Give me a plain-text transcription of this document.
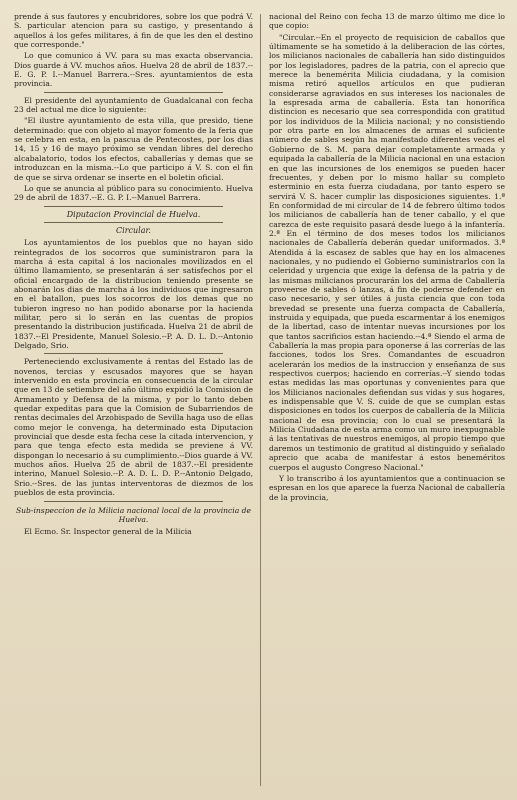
prende á sus fautores y encubridores, sobre los que podrá V. S. particular atencion para su castigo, y presentando á aquellos á los gefes militares, á fin de que les den el destino que corresponde."

Lo que comunico á VV. para su mas exacta observancia. Dios guarde á VV. muchos años. Huelva 28 de abril de 1837.--E. G. P. I.--Manuel Barrera.--Sres. ayuntamientos de esta provincia.

El presidente del ayuntamiento de Guadalcanal con fecha 23 del actual me dice lo siguiente:

"El ilustre ayuntamiento de esta villa, que presido, tiene determinado: que con objeto al mayor fomento de la feria que se celebra en esta, en la pascua de Pentecostes, por los dias 14, 15 y 16 de mayo próximo se vendan libres del derecho alcabalatorio, todos los efectos, caballerías y demas que se introduzcan en la misma.--Lo que participo á V. S. con el fin de que se sirva ordenar se inserte en el boletin oficial.

Lo que se anuncia al público para su conocimiento. Huelva 29 de abril de 1837.--E. G. P. I.--Manuel Barrera.

Diputacion Provincial de Huelva.

Circular.

Los ayuntamientos de los pueblos que no hayan sido reintegrados de los socorros que suministraron para la marcha á esta capital á los nacionales movilizados en el último llamamiento, se presentarán á ser satisfechos por el oficial encargado de la distribucion teniendo presente se abonarán los dias de marcha á los individuos que ingresaron en el batallon, pues los socorros de los demas que no tubieron ingreso no han podido abonarse por la hacienda militar, pero si lo serán en las cuentas de propios presentando la distribucion justificada. Huelva 21 de abril de 1837.--El Presidente, Manuel Solesio.--P. A. D. L. D.--Antonio Delgado, Srio.

Perteneciendo exclusivamente á rentas del Estado las de novenos, tercias y escusados mayores que se hayan intervenido en esta provincia en consecuencia de la circular que en 13 de setiembre del año último expidió la Comision de Armamento y Defensa de la misma, y por lo tanto deben quedar expeditas para que la Comision de Subarriendos de rentas decimales del Arzobispado de Sevilla haga uso de ellas como mejor le convenga, ha determinado esta Diputacion provincial que desde esta fecha cese la citada intervencion, y para que tenga efecto esta medida se previene á VV. dispongan lo necesario á su cumplimiento.--Dios guarde á VV. muchos años. Huelva 25 de abril de 1837.--El presidente interino, Manuel Solesio.--P. A. D. L. D. P.--Antonio Delgado, Srio.--Sres. de las juntas interventoras de diezmos de los pueblos de esta provincia.

Sub-inspeccion de la Milicia nacional local de la provincia de Huelva.

El Ecmo. Sr. Inspector general de la Milicia

nacional del Reino con fecha 13 de marzo último me dice lo que copio:

"Circular.--En el proyecto de requisicion de caballos que últimamente se ha sometido á la deliberacion de las córtes, los milicianos nacionales de caballería han sido distinguidos por los legisladores, padres de la patria, con el aprecio que merece la benemérita Milicia ciudadana, y la comision misma retiró aquellos artículos en que pudieran considerarse agraviados en sus intereses los nacionales de la espresada arma de caballería. Esta tan honorífica distincion es necesario que sea correspondida con gratitud por los individuos de la Milicia nacional; y no consistiendo por otra parte en los almacenes de armas el suficiente número de sables según ha manifestado diferentes veces el Gobierno de S. M. para dejar completamente armada y equipada la caballería de la Milicia nacional en una estacion en que las incursiones de los enemigos se pueden hacer frecuentes, y deben por lo mismo hallar su completo esterminio en esta fuerza ciudadana, por tanto espero se servirá V. S. hacer cumplir las disposiciones siguientes. 1.ª En conformidad de mi circular de 14 de febrero último todos los milicianos de caballería han de tener caballo, y el que carezca de este requisito pasará desde luego á la infantería. 2.ª En el término de dos meses todos los milicianos nacionales de Caballería deberán quedar uniformados. 3.ª Atendida á la escasez de sables que hay en los almacenes nacionales, y no pudiendo el Gobierno suministrarlos con la celeridad y urgencia que exige la defensa de la patria y de las mismas milicianos procurarán los del arma de Caballería proveerse de sables ó lanzas, á fin de poderse defender en caso necesario, y ser útiles á justa ciencia que con toda brevedad se presente una fuerza compacta de Caballería, instruida y equipada, que pueda escarmentar á los enemigos de la libertad, caso de intentar nuevas incursiones por los que tantos sacrificios estan haciendo.--4.ª Siendo el arma de Caballería la mas propia para oponerse á las correrías de las facciones, todos los Sres. Comandantes de escuadron acelerarán los medios de la instruccion y enseñanza de sus respectivos cuerpos; haciendo en correrías.--Y siendo todas estas medidas las mas oportunas y convenientes para que los Milicianos nacionales defiendan sus vidas y sus hogares, es indispensable que V. S. cuide de que se cumplan estas disposiciones en todos los cuerpos de caballería de la Milicia nacional de esa provincia; con lo cual se presentará la Milicia Ciudadana de esta arma como un muro inexpugnable á las tentativas de nuestros enemigos, al propio tiempo que daremos un testimonio de gratitud al distinguido y señalado aprecio que acaba de manifestar á estos beneméritos cuerpos el augusto Congreso Nacional."

Y lo transcribo á los ayuntamientos que a continuacion se espresan en los que aparece la fuerza Nacional de caballería de la provincia,
